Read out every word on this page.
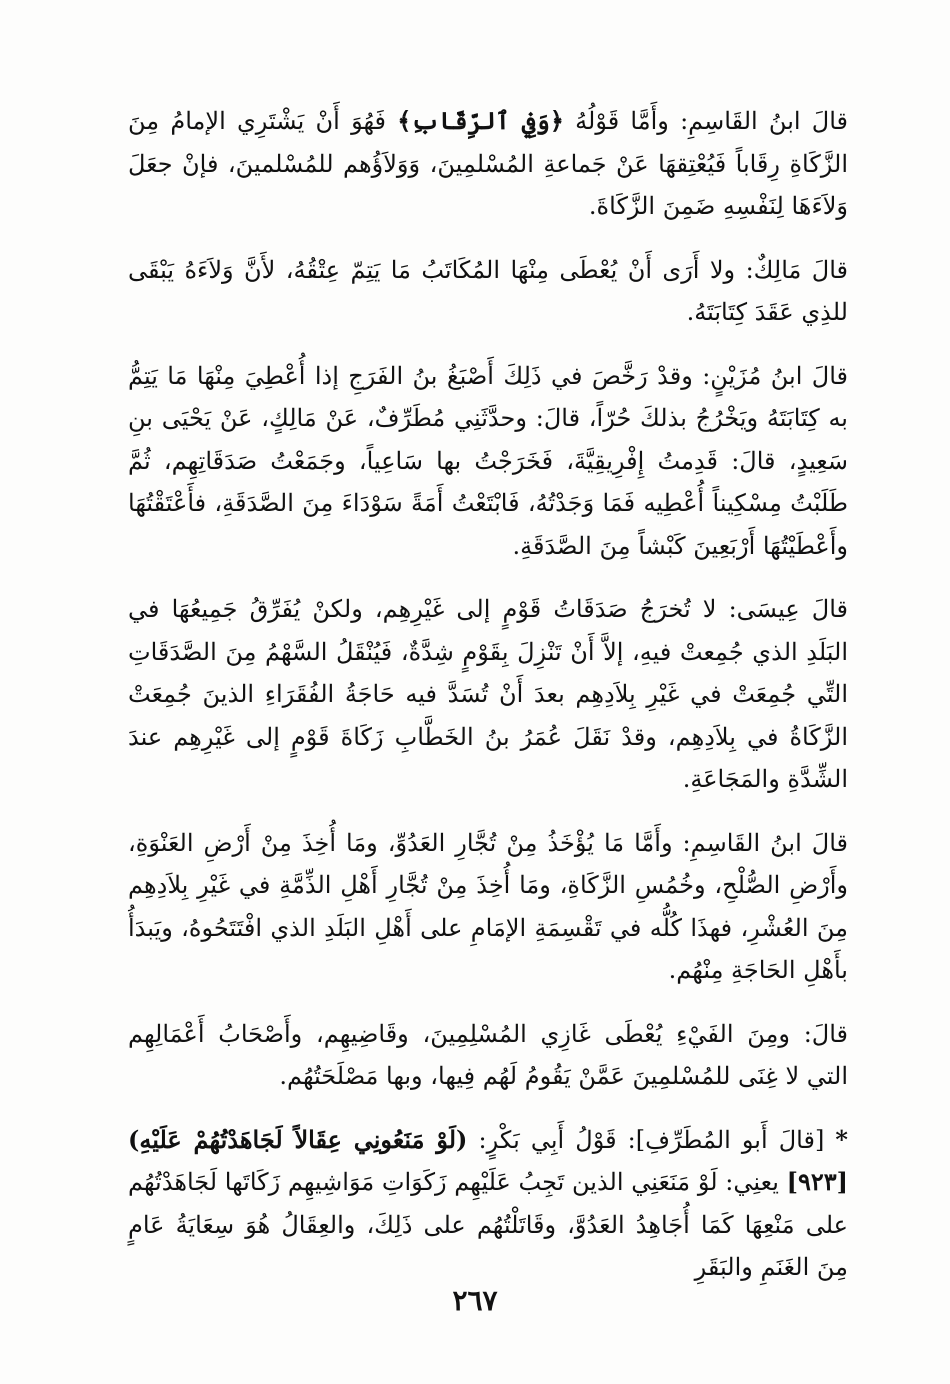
قالَ ابنُ القَاسِمِ: وأَمَّا قَوْلُهُ ﴿وَفِي ٱلرِّقَابِ﴾ فَهُوَ أَنْ يَشْتَرِي الإمامُ مِنَ الزَّكَاةِ رِقَاباً فَيُعْتِقهَا عَنْ جَماعةِ المُسْلمِينَ، وَوَلاَؤُهم للمُسْلمينَ، فإنْ جعَلَ وَلاَءَهَا لِنَفْسِهِ ضَمِنَ الزَّكَاةَ.

قالَ مَالِكٌ: ولا أَرَى أَنْ يُعْطَى مِنْهَا المُكَاتَبُ مَا يَتِمّ عِتْقُهُ، لأَنَّ وَلاَءَهُ يَبْقَى للذِي عَقَدَ كِتَابَتَهُ.

قالَ ابنُ مُزَيْنٍ: وقدْ رَخَّصَ في ذَلِكَ أَصْبَغُ بنُ الفَرَجِ إذا أُعْطِيَ مِنْهَا مَا يَتِمُّ به كِتَابَتَهُ ويَخْرُجُ بذلكَ حُرّاً، قالَ: وحدَّثَنِي مُطَرِّفٌ، عَنْ مَالِكٍ، عَنْ يَحْيَى بنِ سَعِيدٍ، قالَ: قَدِمتُ إِفْرِيقِيَّةَ، فَخَرَجْتُ بها سَاعِياً، وجَمَعْتُ صَدَقَاتِهِم، ثُمَّ طَلَبْتُ مِسْكِيناً أُعْطِيه فَمَا وَجَدْتُهُ، فَابْتَعْتُ أَمَةً سَوْدَاءَ مِنَ الصَّدَقَةِ، فأَعْتَقْتُهَا وأَعْطَيْتُهَا أَرْبَعِينَ كَبْشاً مِنَ الصَّدَقَةِ.

قالَ عِيسَى: لا تُخرَجُ صَدَقَاتُ قَوْمٍ إلى غَيْرِهِم، ولكنْ يُفَرِّقُ جَمِيعُهَا في البَلَدِ الذي جُمِعتْ فيهِ، إلاَّ أَنْ تَنْزِلَ بِقَوْمٍ شِدَّةٌ، فَيُنْقَلُ السَّهْمُ مِنَ الصَّدَقَاتِ التِّي جُمِعَتْ في غَيْرِ بِلاَدِهِم بعدَ أَنْ تُسَدَّ فيه حَاجَةُ الفُقَرَاءِ الذينَ جُمِعَتْ الزَّكَاةُ في بِلاَدِهِم، وقدْ نَقَلَ عُمَرُ بنُ الخَطَّابِ زَكَاةَ قَوْمٍ إلى غَيْرِهِم عندَ الشِّدَّةِ والمَجَاعَةِ.

قالَ ابنُ القَاسِمِ: وأَمَّا مَا يُؤْخَذُ مِنْ تُجَّارِ العَدُوِّ، ومَا أُخِذَ مِنْ أَرْضِ العَنْوَةِ، وأَرْضِ الصُّلْحِ، وخُمُسِ الزَّكَاةِ، ومَا أُخِذَ مِنْ تُجَّارِ أَهْلِ الذِّمَّةِ في غَيْرِ بِلاَدِهِم مِنَ العُشْرِ، فهذَا كُلُّه في تَقْسِمَةِ الإمَامِ على أَهْلِ البَلَدِ الذي افْتَتَحُوهُ، ويَبدَأُ بأَهْلِ الحَاجَةِ مِنْهُم.

قالَ: ومِنَ الفَيْءِ يُعْطَى غَازِي المُسْلِمِينَ، وقَاضِيهِم، وأَصْحَابُ أَعْمَالِهِم التي لا غِنَى للمُسْلمِينَ عَمَّنْ يَقُومُ لَهُم فِيها، وبها مَصْلَحَتُهُم.

* [قالَ أَبو المُطَرِّفِ]: قَوْلُ أَبِي بَكْرٍ: (لَوْ مَنَعُونِي عِقَالاً لَجَاهَدْتُهُمْ عَلَيْهِ)[٩٢٣] يعنِي: لَوْ مَنَعَنِي الذين تَجِبُ عَلَيْهِم زَكَوَاتِ مَوَاشِيهِم زَكَاتَها لَجَاهَدْتُهُم على مَنْعِهَا كَمَا أُجَاهِدُ العَدُوَّ، وقَاتَلْتُهُم على ذَلِكَ، والعِقَالُ هُوَ سِعَايَةُ عَامٍ مِنَ الغَنَمِ والبَقَرِ

٢٦٧
